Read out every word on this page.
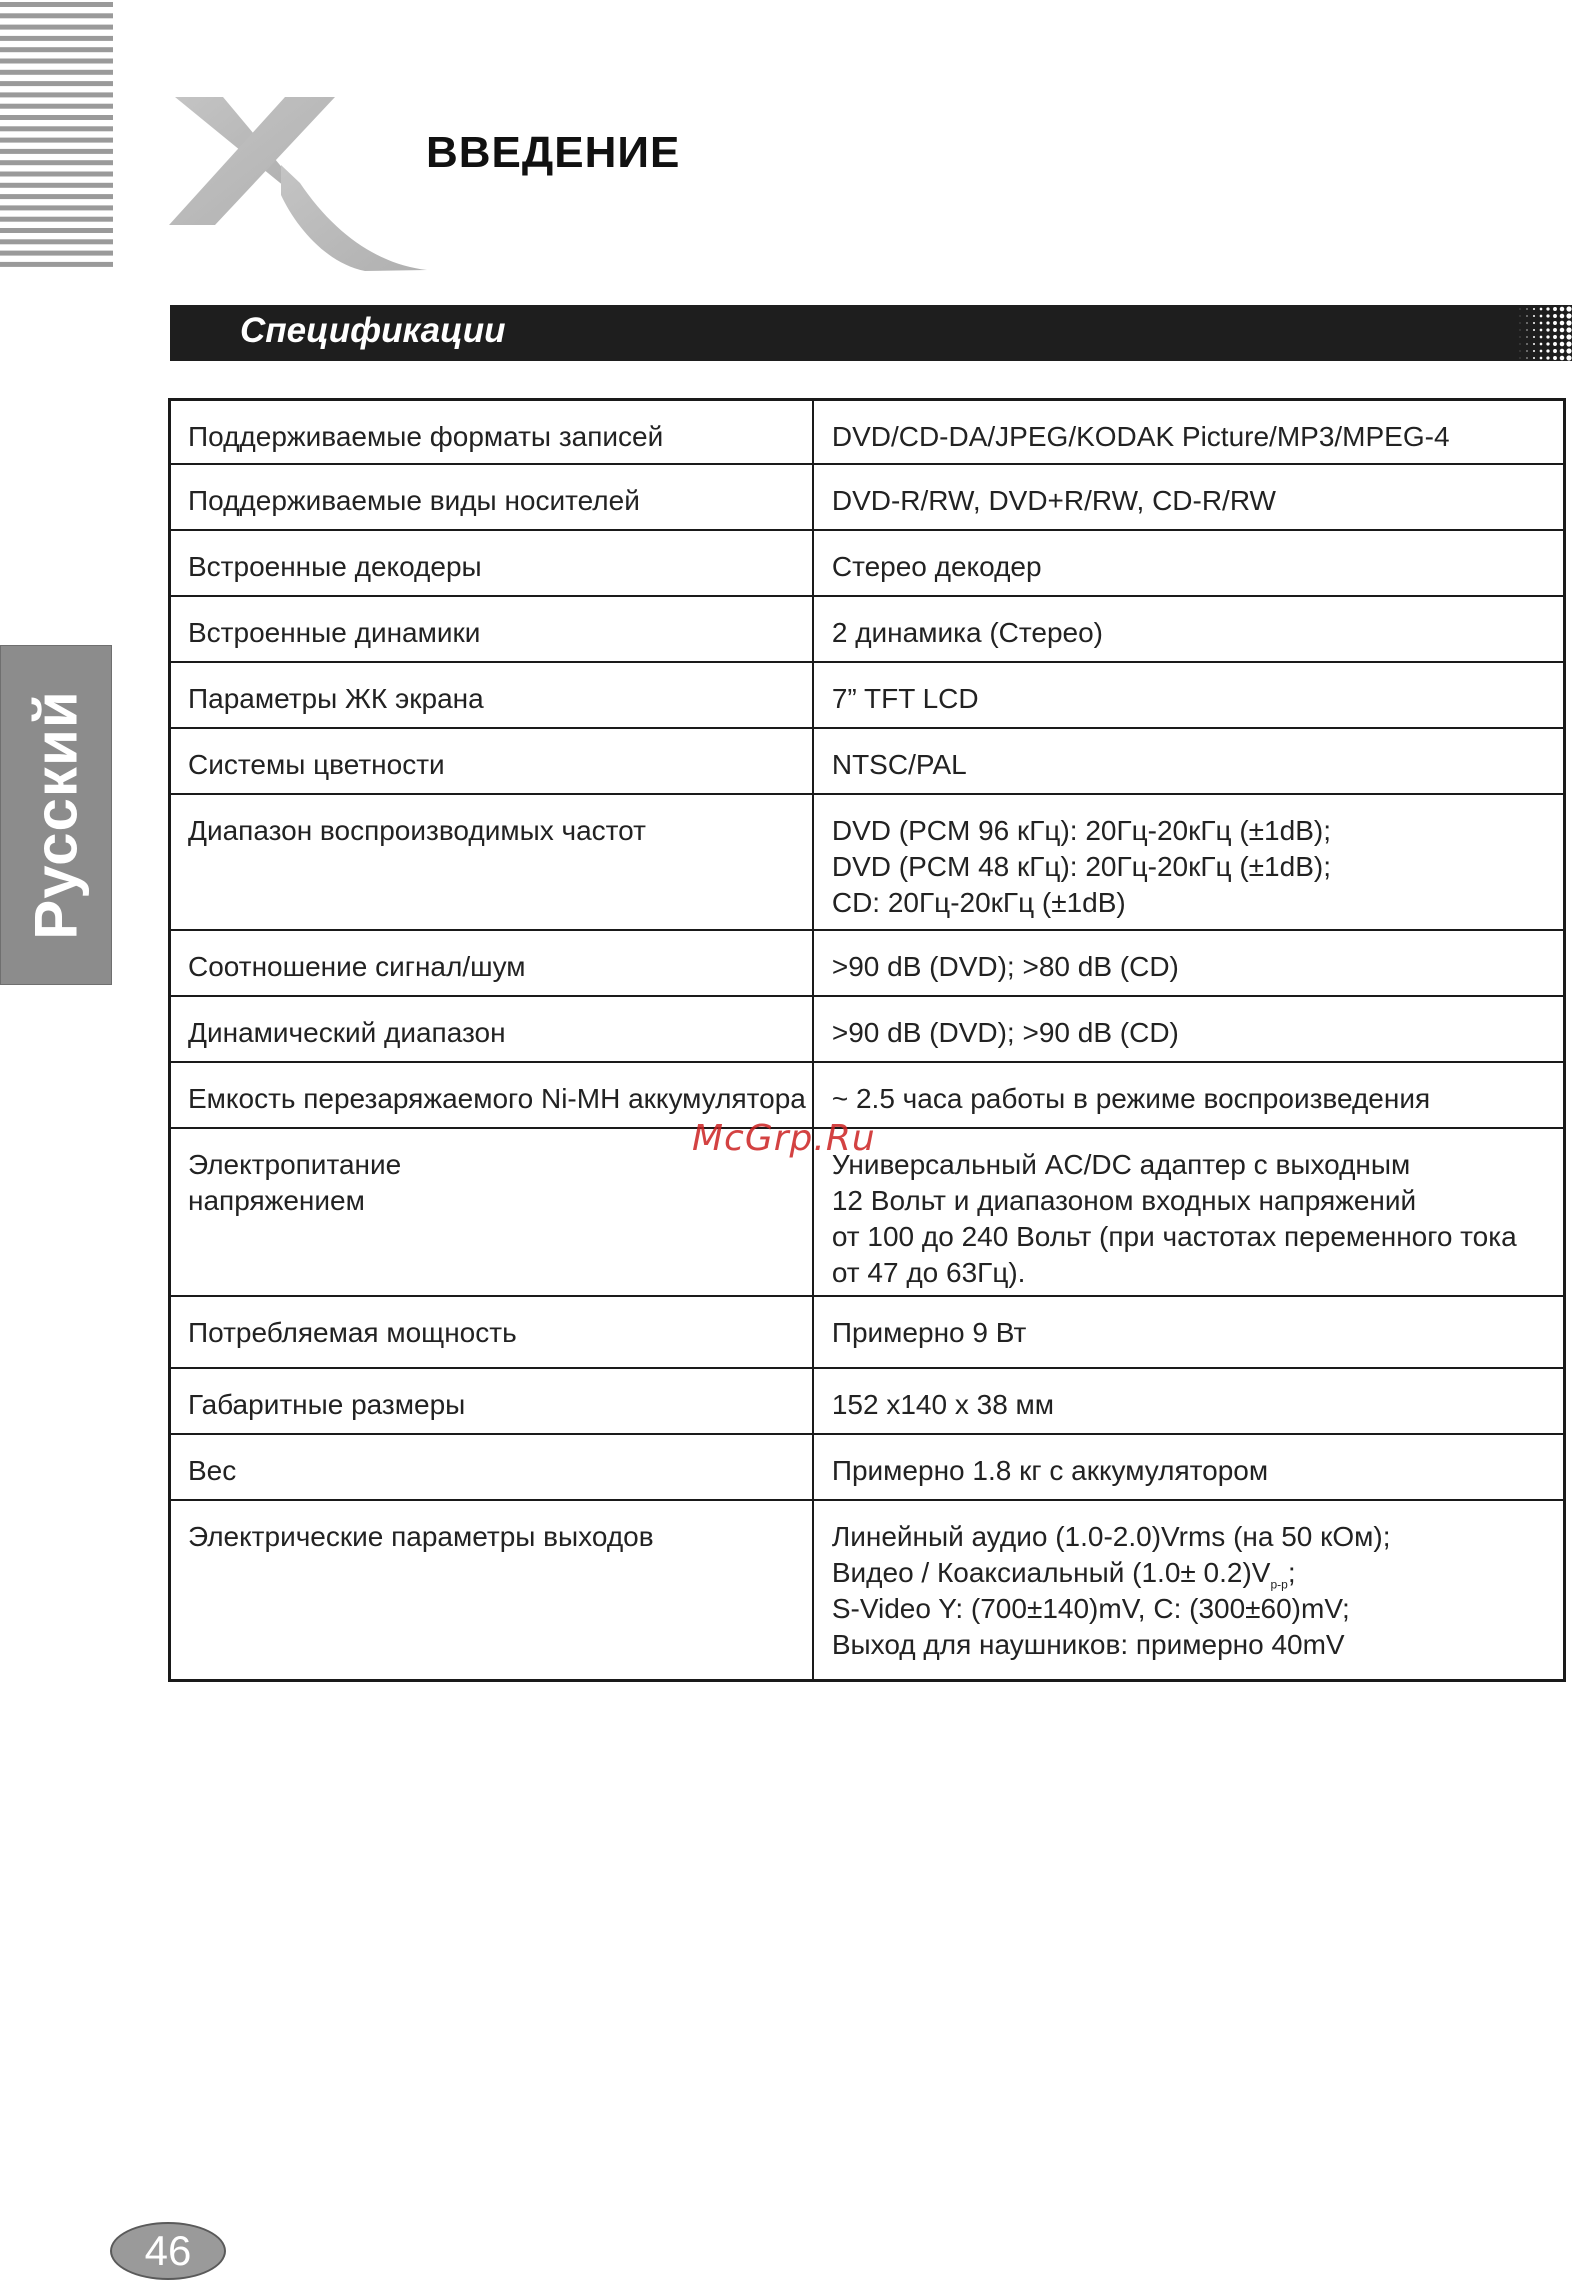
Русский
ВВЕДЕНИЕ
Спецификации
Поддерживаемые форматы записей	DVD/CD-DA/JPEG/KODAK Picture/MP3/MPEG-4

Поддерживаемые виды носителей	DVD-R/RW, DVD+R/RW, CD-R/RW

Встроенные декодеры	Стерео декодер

Встроенные динамики	2 динамика (Стерео)

Параметры ЖК экрана	7” TFT LCD

Системы цветности	NTSC/PAL

Диапазон воспроизводимых частот	DVD (PCM 96 кГц): 20Гц-20кГц (±1dB);
DVD (PCM 48 кГц): 20Гц-20кГц (±1dB);
CD: 20Гц-20кГц (±1dB)

Соотношение сигнал/шум	>90 dB (DVD); >80 dB (CD)

Динамический диапазон	>90 dB (DVD); >90 dB (CD)

Емкость перезаряжаемого Ni-MH аккумулятора	~ 2.5 часа работы в режиме воспроизведения

Электропитание
напряжением	Универсальный AC/DC адаптер с выходным
12 Вольт и диапазоном входных напряжений
от 100 до 240 Вольт (при частотах переменного тока
от 47 до 63Гц).

Потребляемая мощность	Примерно 9 Вт

Габаритные размеры	152 x140 x 38 мм

Вес	Примерно 1.8 кг с аккумулятором

Электрические параметры выходов	Линейный аудио (1.0-2.0)Vrms (на 50 кОм);
Видео / Коаксиальный $(1.0\pm 0.2)V_{p-p}$;
S-Video Y: (700±140)mV, C: (300±60)mV;
Выход для наушников: примерно 40mV
McGrp.Ru
46
